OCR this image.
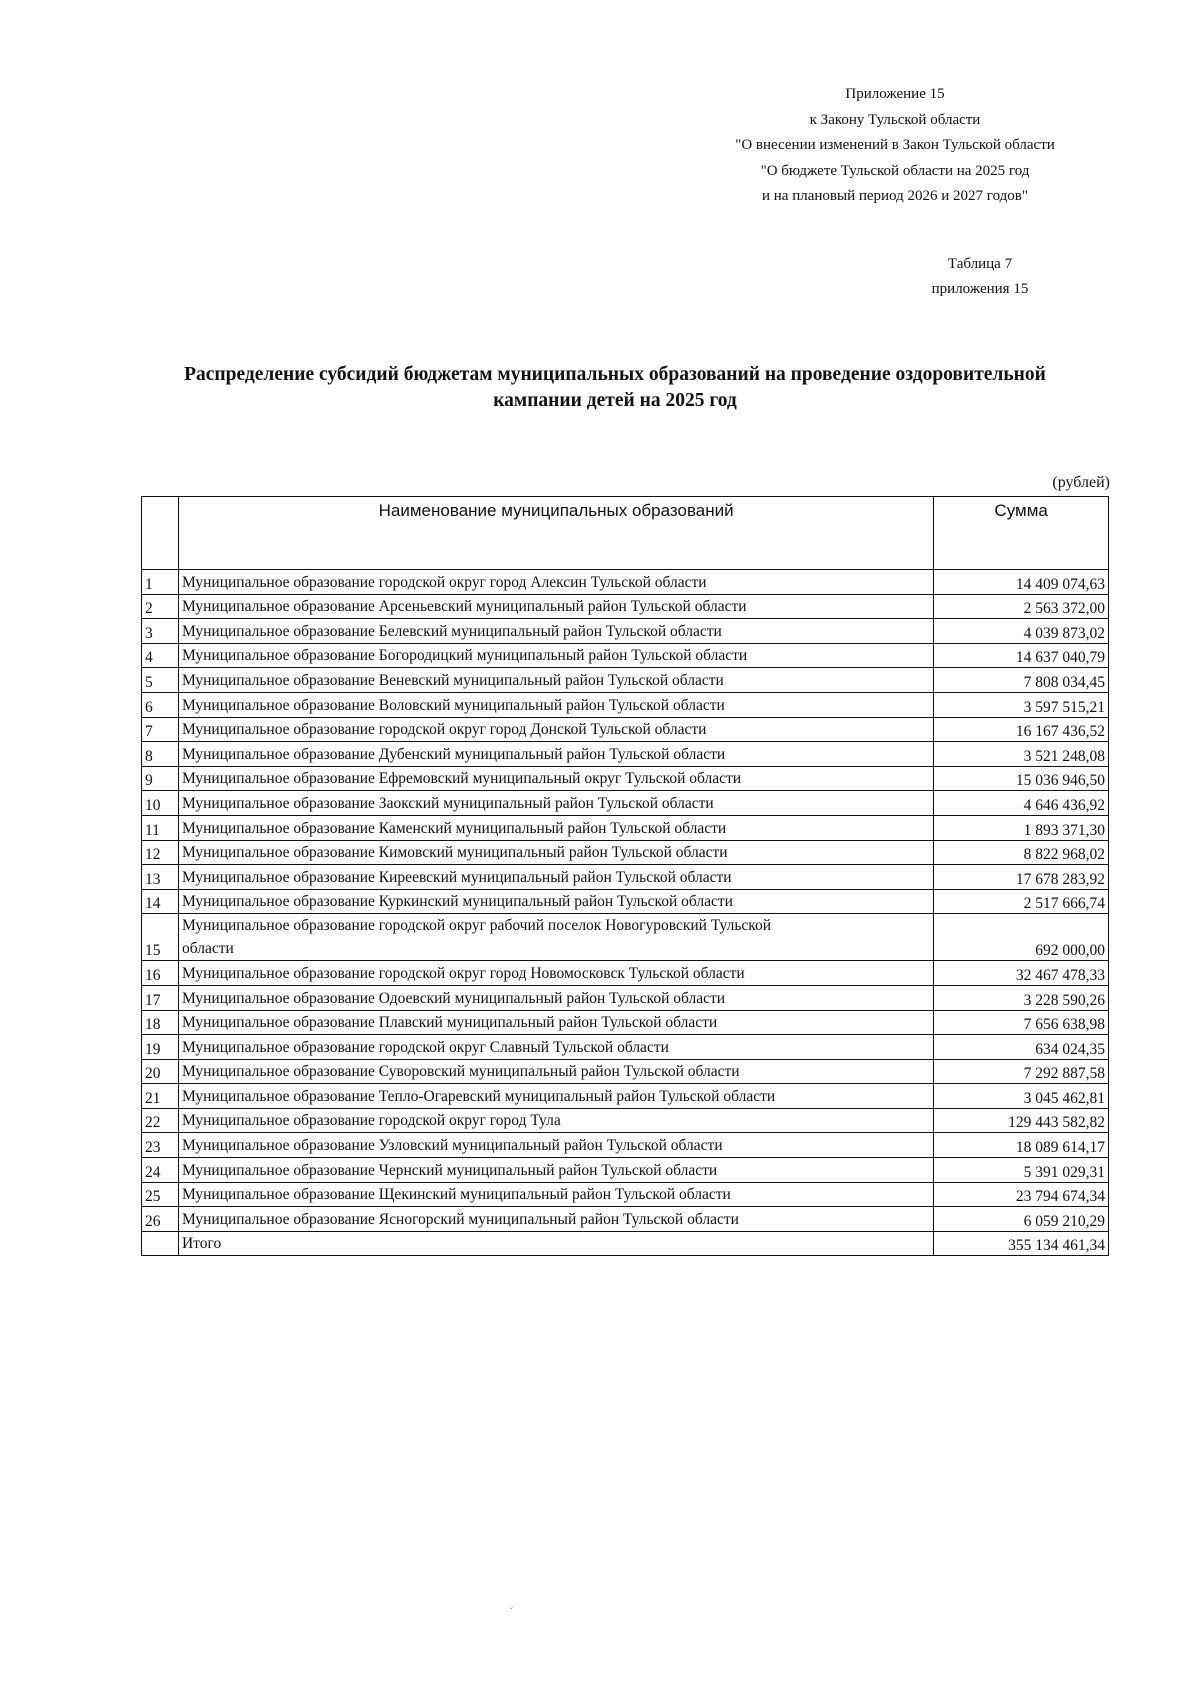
Приложение 15
к Закону Тульской области
"О внесении изменений в Закон Тульской области
"О бюджете Тульской области на 2025 год
и на плановый период 2026 и 2027 годов"
Таблица 7
приложения 15
Распределение субсидий бюджетам муниципальных образований на проведение оздоровительной
кампании детей на 2025 год
(рублей)
	Наименование муниципальных образований	Сумма
1	Муниципальное образование городской округ город Алексин Тульской области	14 409 074,63
2	Муниципальное образование Арсеньевский муниципальный район Тульской области	2 563 372,00
3	Муниципальное образование Белевский муниципальный район Тульской области	4 039 873,02
4	Муниципальное образование Богородицкий муниципальный район Тульской области	14 637 040,79
5	Муниципальное образование Веневский муниципальный район Тульской области	7 808 034,45
6	Муниципальное образование Воловский муниципальный район Тульской области	3 597 515,21
7	Муниципальное образование городской округ город Донской Тульской области	16 167 436,52
8	Муниципальное образование Дубенский муниципальный район Тульской области	3 521 248,08
9	Муниципальное образование Ефремовский муниципальный округ Тульской области	15 036 946,50
10	Муниципальное образование Заокский муниципальный район Тульской области	4 646 436,92
11	Муниципальное образование Каменский муниципальный район Тульской области	1 893 371,30
12	Муниципальное образование Кимовский муниципальный район Тульской области	8 822 968,02
13	Муниципальное образование Киреевский муниципальный район Тульской области	17 678 283,92
14	Муниципальное образование Куркинский муниципальный район Тульской области	2 517 666,74
15	Муниципальное образование городской округ рабочий поселок Новогуровский Тульской
области	692 000,00
16	Муниципальное образование городской округ город Новомосковск Тульской области	32 467 478,33
17	Муниципальное образование Одоевский муниципальный район Тульской области	3 228 590,26
18	Муниципальное образование Плавский муниципальный район Тульской области	7 656 638,98
19	Муниципальное образование городской округ Славный Тульской области	634 024,35
20	Муниципальное образование Суворовский муниципальный район Тульской области	7 292 887,58
21	Муниципальное образование Тепло-Огаревский муниципальный район Тульской области	3 045 462,81
22	Муниципальное образование городской округ город Тула	129 443 582,82
23	Муниципальное образование Узловский муниципальный район Тульской области	18 089 614,17
24	Муниципальное образование Чернский муниципальный район Тульской области	5 391 029,31
25	Муниципальное образование Щекинский муниципальный район Тульской области	23 794 674,34
26	Муниципальное образование Ясногорский муниципальный район Тульской области	6 059 210,29
	Итого	355 134 461,34
´
